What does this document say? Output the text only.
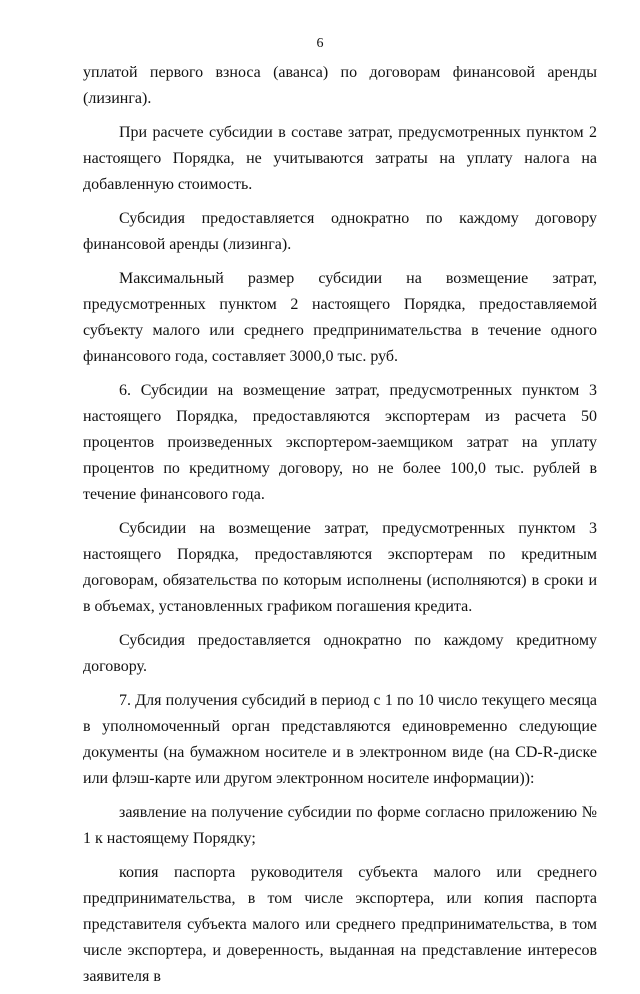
6

уплатой первого взноса (аванса) по договорам финансовой аренды (лизинга).

При расчете субсидии в составе затрат, предусмотренных пунктом 2 настоящего Порядка, не учитываются затраты на уплату налога на добавленную стоимость.

Субсидия предоставляется однократно по каждому договору финансовой аренды (лизинга).

Максимальный размер субсидии на возмещение затрат, предусмотренных пунктом 2 настоящего Порядка, предоставляемой субъекту малого или среднего предпринимательства в течение одного финансового года, составляет 3000,0 тыс. руб.

6. Субсидии на возмещение затрат, предусмотренных пунктом 3 настоящего Порядка, предоставляются экспортерам из расчета 50 процентов произведенных экспортером-заемщиком затрат на уплату процентов по кредитному договору, но не более 100,0 тыс. рублей в течение финансового года.

Субсидии на возмещение затрат, предусмотренных пунктом 3 настоящего Порядка, предоставляются экспортерам по кредитным договорам, обязательства по которым исполнены (исполняются) в сроки и в объемах, установленных графиком погашения кредита.

Субсидия предоставляется однократно по каждому кредитному договору.

7. Для получения субсидий в период с 1 по 10 число текущего месяца в уполномоченный орган представляются единовременно следующие документы (на бумажном носителе и в электронном виде (на CD-R-диске или флэш-карте или другом электронном носителе информации)):

заявление на получение субсидии по форме согласно приложению № 1 к настоящему Порядку;

копия паспорта руководителя субъекта малого или среднего предпринимательства, в том числе экспортера, или копия паспорта представителя субъекта малого или среднего предпринимательства, в том числе экспортера, и доверенность, выданная на представление интересов заявителя в
